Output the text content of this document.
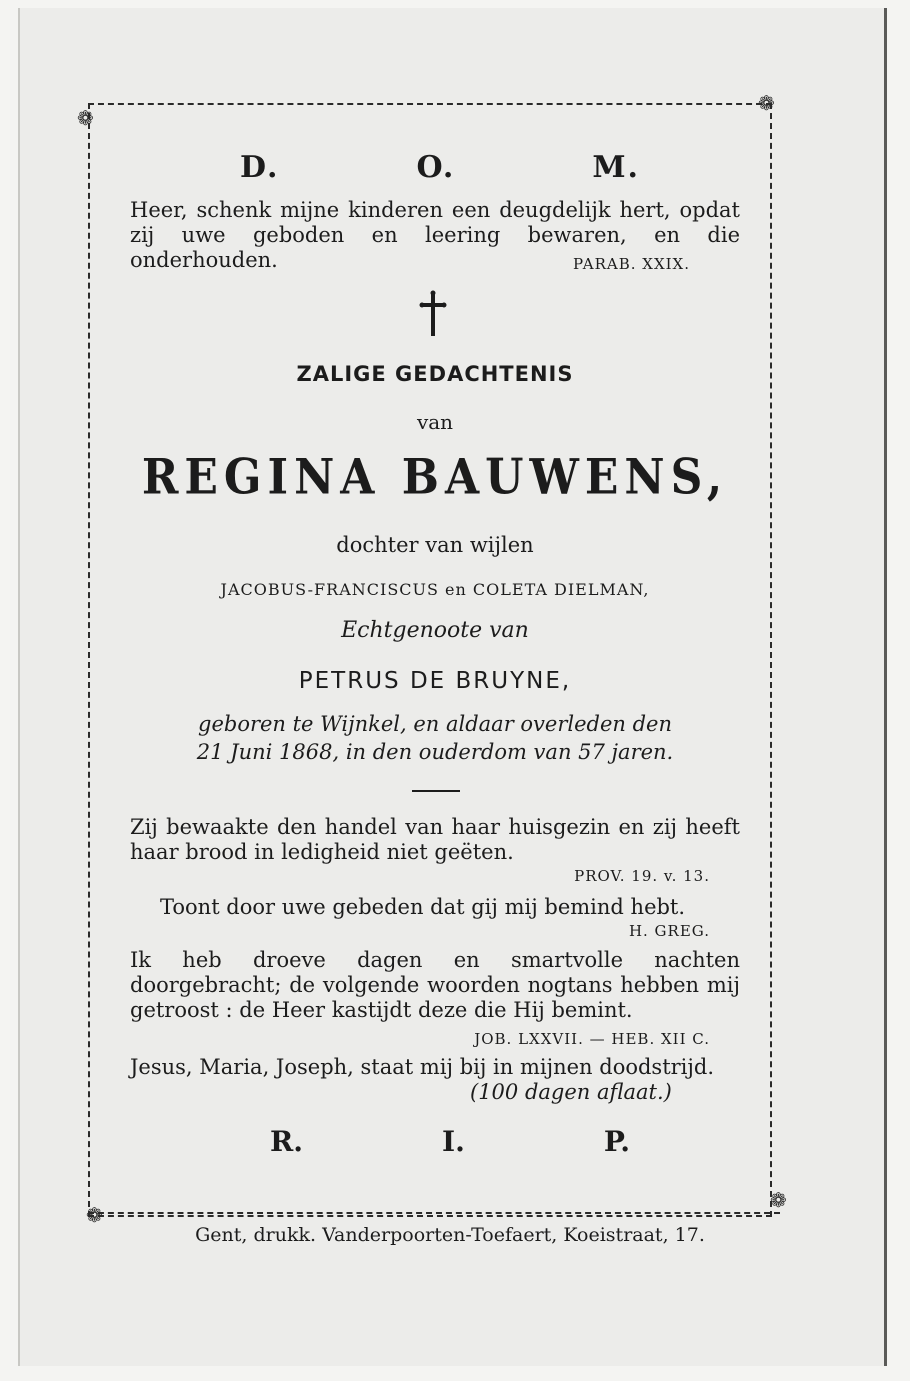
❁
❁
❁
❁
D.	O.	M.
Heer, schenk mijne kinderen een deugdelijk hert, opdat zij uwe geboden en leering bewaren, en die onderhouden.	PARAB. XXIX.
ZALIGE GEDACHTENIS
van
REGINA BAUWENS,
dochter van wijlen
JACOBUS-FRANCISCUS en COLETA DIELMAN,
Echtgenoote van
PETRUS DE BRUYNE,
geboren te Wijnkel, en aldaar overleden den
21 Juni 1868, in den ouderdom van 57 jaren.
Zij bewaakte den handel van haar huisgezin en zij heeft haar brood in ledigheid niet geëten.
PROV. 19. v. 13.
Toont door uwe gebeden dat gij mij bemind hebt.
H. GREG.
Ik heb droeve dagen en smartvolle nachten doorgebracht; de volgende woorden nogtans hebben mij getroost : de Heer kastijdt deze die Hij bemint.
JOB. LXXVII. — HEB. XII C.
Jesus, Maria, Joseph, staat mij bij in mijnen doodstrijd.
(100 dagen aflaat.)
R.	I.	P.
Gent, drukk. Vanderpoorten-Toefaert, Koeistraat, 17.
